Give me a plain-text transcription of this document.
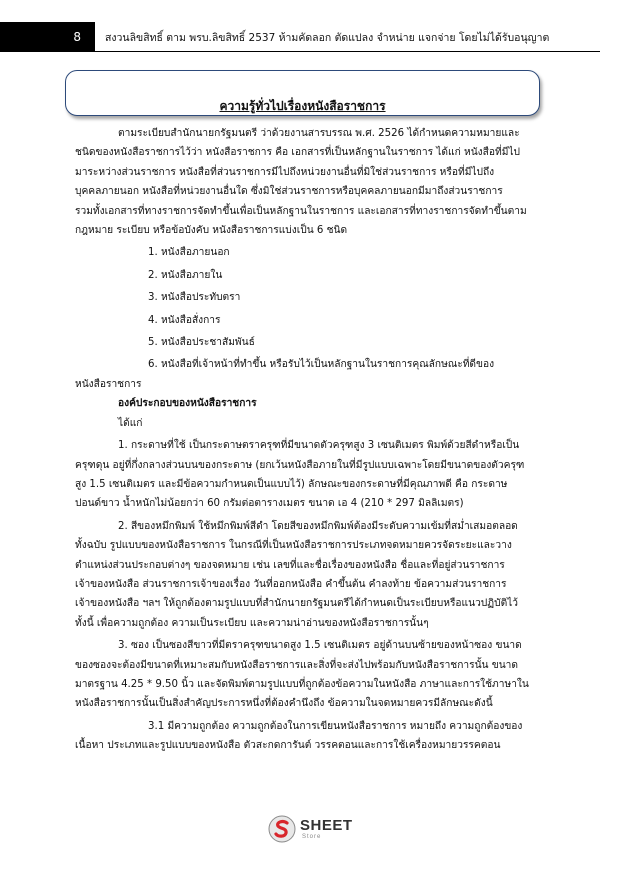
8	สงวนลิขสิทธิ์ ตาม พรบ.ลิขสิทธิ์ 2537 ห้ามคัดลอก ตัดแปลง จำหน่าย แจกจ่าย โดยไม่ได้รับอนุญาต
ความรู้ทั่วไปเรื่องหนังสือราชการ

ตามระเบียบสำนักนายกรัฐมนตรี ว่าด้วยงานสารบรรณ พ.ศ. 2526 ได้กำหนดความหมายและ

ชนิดของหนังสือราชการไว้ว่า หนังสือราชการ คือ เอกสารที่เป็นหลักฐานในราชการ ได้แก่ หนังสือที่มีไป

มาระหว่างส่วนราชการ หนังสือที่ส่วนราชการมีไปถึงหน่วยงานอื่นที่มิใช่ส่วนราชการ หรือที่มีไปถึง

บุคคลภายนอก หนังสือที่หน่วยงานอื่นใด ซึ่งมิใช่ส่วนราชการหรือบุคคลภายนอกมีมาถึงส่วนราชการ

รวมทั้งเอกสารที่ทางราชการจัดทำขึ้นเพื่อเป็นหลักฐานในราชการ และเอกสารที่ทางราชการจัดทำขึ้นตาม

กฎหมาย ระเบียบ หรือข้อบังคับ หนังสือราชการแบ่งเป็น 6 ชนิด

1. หนังสือภายนอก

2. หนังสือภายใน

3. หนังสือประทับตรา

4. หนังสือสั่งการ

5. หนังสือประชาสัมพันธ์

6. หนังสือที่เจ้าหน้าที่ทำขึ้น หรือรับไว้เป็นหลักฐานในราชการคุณลักษณะที่ดีของ

หนังสือราชการ

องค์ประกอบของหนังสือราชการ

ได้แก่

1. กระดาษที่ใช้ เป็นกระดาษตราครุฑที่มีขนาดตัวครุฑสูง 3 เซนติเมตร พิมพ์ด้วยสีดำหรือเป็น

ครุฑดุน อยู่ที่กึ่งกลางส่วนบนของกระดาษ (ยกเว้นหนังสือภายในที่มีรูปแบบเฉพาะโดยมีขนาดของตัวครุฑ

สูง 1.5 เซนติเมตร และมีข้อความกำหนดเป็นแบบไว้) ลักษณะของกระดาษที่มีคุณภาพดี คือ กระดาษ

ปอนด์ขาว น้ำหนักไม่น้อยกว่า 60 กรัมต่อตารางเมตร ขนาด เอ 4 (210 * 297 มิลลิเมตร)

2. สีของหมึกพิมพ์ ใช้หมึกพิมพ์สีดำ โดยสีของหมึกพิมพ์ต้องมีระดับความเข้มที่สม่ำเสมอตลอด

ทั้งฉบับ รูปแบบของหนังสือราชการ ในกรณีที่เป็นหนังสือราชการประเภทจดหมายควรจัดระยะและวาง

ตำแหน่งส่วนประกอบต่างๆ ของจดหมาย เช่น เลขที่และชื่อเรื่องของหนังสือ ชื่อและที่อยู่ส่วนราชการ

เจ้าของหนังสือ ส่วนราชการเจ้าของเรื่อง วันที่ออกหนังสือ คำขึ้นต้น คำลงท้าย ข้อความส่วนราชการ

เจ้าของหนังสือ ฯลฯ ให้ถูกต้องตามรูปแบบที่สำนักนายกรัฐมนตรีได้กำหนดเป็นระเบียบหรือแนวปฏิบัติไว้

ทั้งนี้ เพื่อความถูกต้อง ความเป็นระเบียบ และความน่าอ่านของหนังสือราชการนั้นๆ

3. ซอง เป็นซองสีขาวที่มีตราครุฑขนาดสูง 1.5 เซนติเมตร อยู่ด้านบนซ้ายของหน้าซอง ขนาด

ของซองจะต้องมีขนาดที่เหมาะสมกับหนังสือราชการและสิ่งที่จะส่งไปพร้อมกับหนังสือราชการนั้น ขนาด

มาตรฐาน 4.25 * 9.50 นิ้ว และจัดพิมพ์ตามรูปแบบที่ถูกต้องข้อความในหนังสือ ภาษาและการใช้ภาษาใน

หนังสือราชการนั้นเป็นสิ่งสำคัญประการหนึ่งที่ต้องคำนึงถึง ข้อความในจดหมายควรมีลักษณะดังนี้

3.1 มีความถูกต้อง ความถูกต้องในการเขียนหนังสือราชการ หมายถึง ความถูกต้องของ

เนื้อหา ประเภทและรูปแบบของหนังสือ ตัวสะกดการันต์ วรรคตอนและการใช้เครื่องหมายวรรคตอน

SHEET
Store
